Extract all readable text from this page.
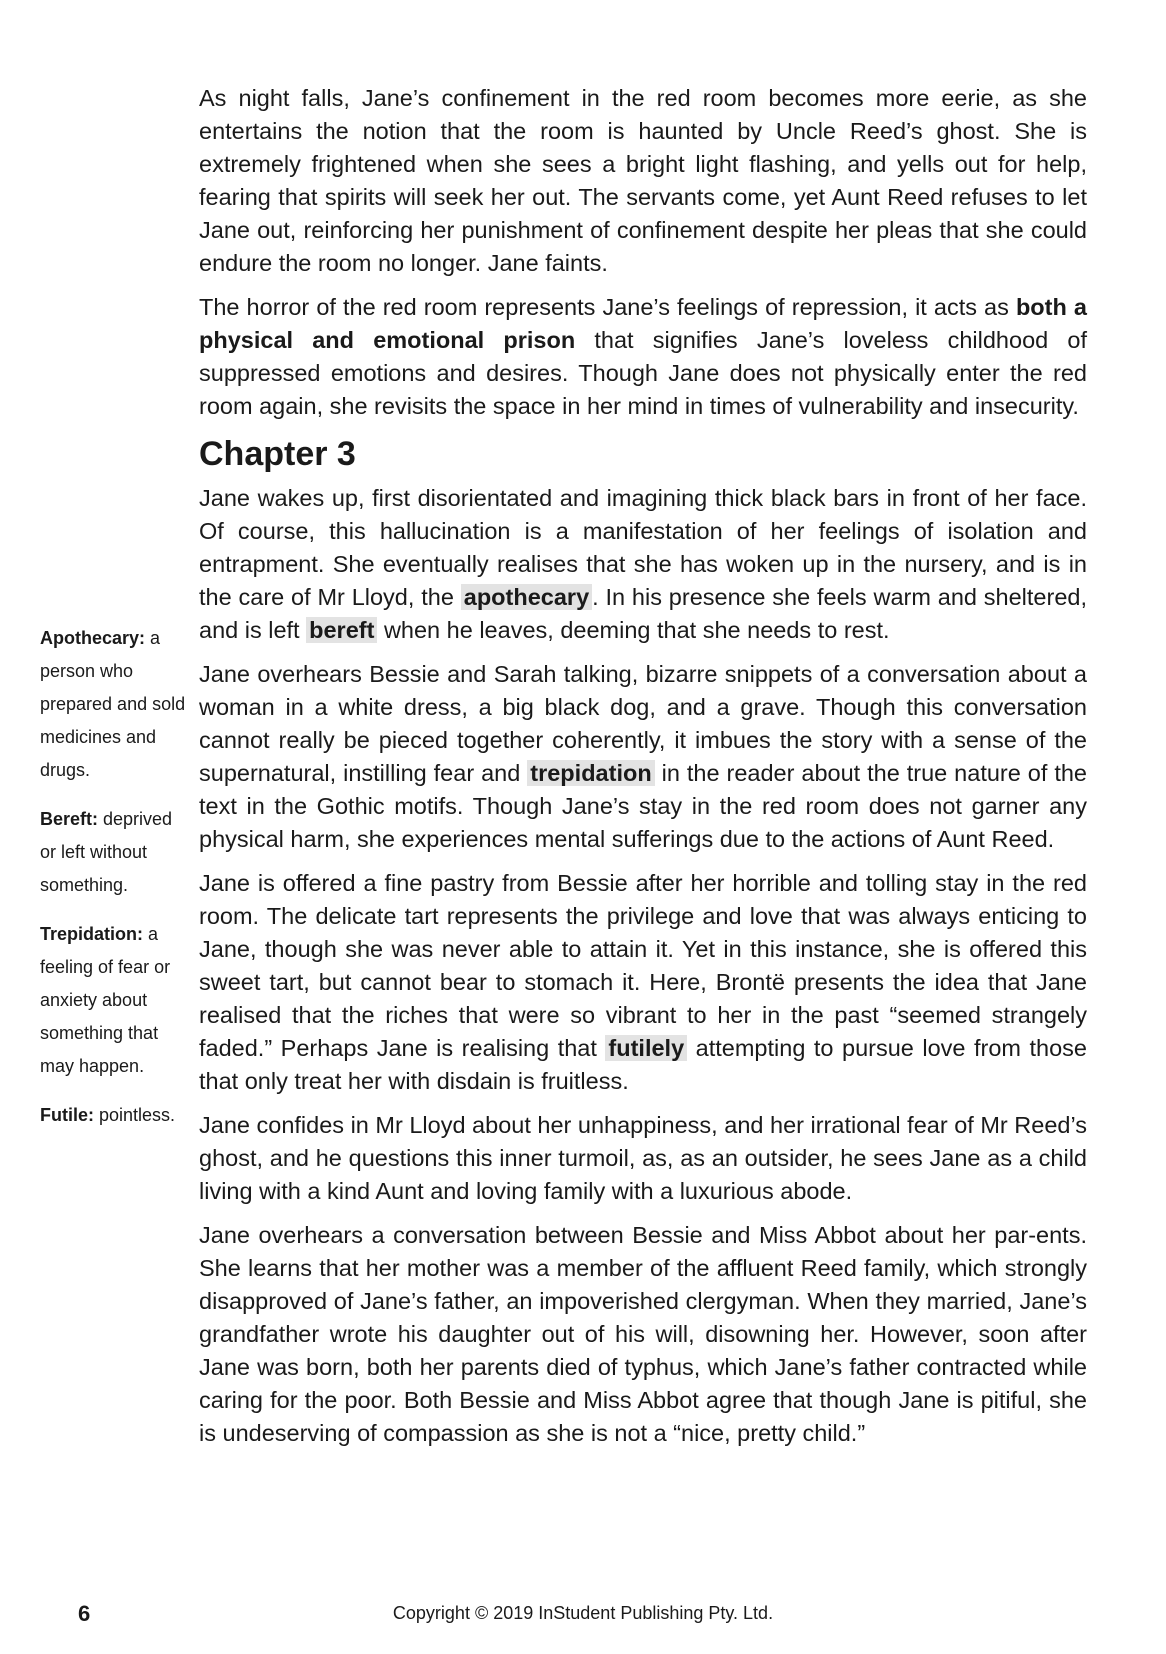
As night falls, Jane’s confinement in the red room becomes more eerie, as she entertains the notion that the room is haunted by Uncle Reed’s ghost. She is extremely frightened when she sees a bright light flashing, and yells out for help, fearing that spirits will seek her out. The servants come, yet Aunt Reed refuses to let Jane out, reinforcing her punishment of confinement despite her pleas that she could endure the room no longer. Jane faints.

The horror of the red room represents Jane’s feelings of repression, it acts as both a physical and emotional prison that signifies Jane’s loveless childhood of suppressed emotions and desires. Though Jane does not physically enter the red room again, she revisits the space in her mind in times of vulnerability and insecurity.

Chapter 3

Jane wakes up, first disorientated and imagining thick black bars in front of her face. Of course, this hallucination is a manifestation of her feelings of isolation and entrapment. She eventually realises that she has woken up in the nursery, and is in the care of Mr Lloyd, the apothecary . In his presence she feels warm and sheltered, and is left bereft when he leaves, deeming that she needs to rest.

Jane overhears Bessie and Sarah talking, bizarre snippets of a conversation about a woman in a white dress, a big black dog, and a grave. Though this conversation cannot really be pieced together coherently, it imbues the story with a sense of the supernatural, instilling fear and trepidation in the reader about the true nature of the text in the Gothic motifs. Though Jane’s stay in the red room does not garner any physical harm, she experiences mental sufferings due to the actions of Aunt Reed.

Jane is offered a fine pastry from Bessie after her horrible and tolling stay in the red room. The delicate tart represents the privilege and love that was always enticing to Jane, though she was never able to attain it. Yet in this instance, she is offered this sweet tart, but cannot bear to stomach it. Here, Brontë presents the idea that Jane realised that the riches that were so vibrant to her in the past “seemed strangely faded.” Perhaps Jane is realising that futilely attempting to pursue love from those that only treat her with disdain is fruitless.

Jane confides in Mr Lloyd about her unhappiness, and her irrational fear of Mr Reed’s ghost, and he questions this inner turmoil, as, as an outsider, he sees Jane as a child living with a kind Aunt and loving family with a luxurious abode.

Jane overhears a conversation between Bessie and Miss Abbot about her par-ents. She learns that her mother was a member of the affluent Reed family, which strongly disapproved of Jane’s father, an impoverished clergyman. When they married, Jane’s grandfather wrote his daughter out of his will, disowning her. However, soon after Jane was born, both her parents died of typhus, which Jane’s father contracted while caring for the poor. Both Bessie and Miss Abbot agree that though Jane is pitiful, she is undeserving of compassion as she is not a “nice, pretty child.”

Apothecary: a person who prepared and sold medicines and drugs.
Bereft: deprived or left without something.
Trepidation: a feeling of fear or anxiety about something that may happen.
Futile: pointless.
6	Copyright © 2019 InStudent Publishing Pty. Ltd.
